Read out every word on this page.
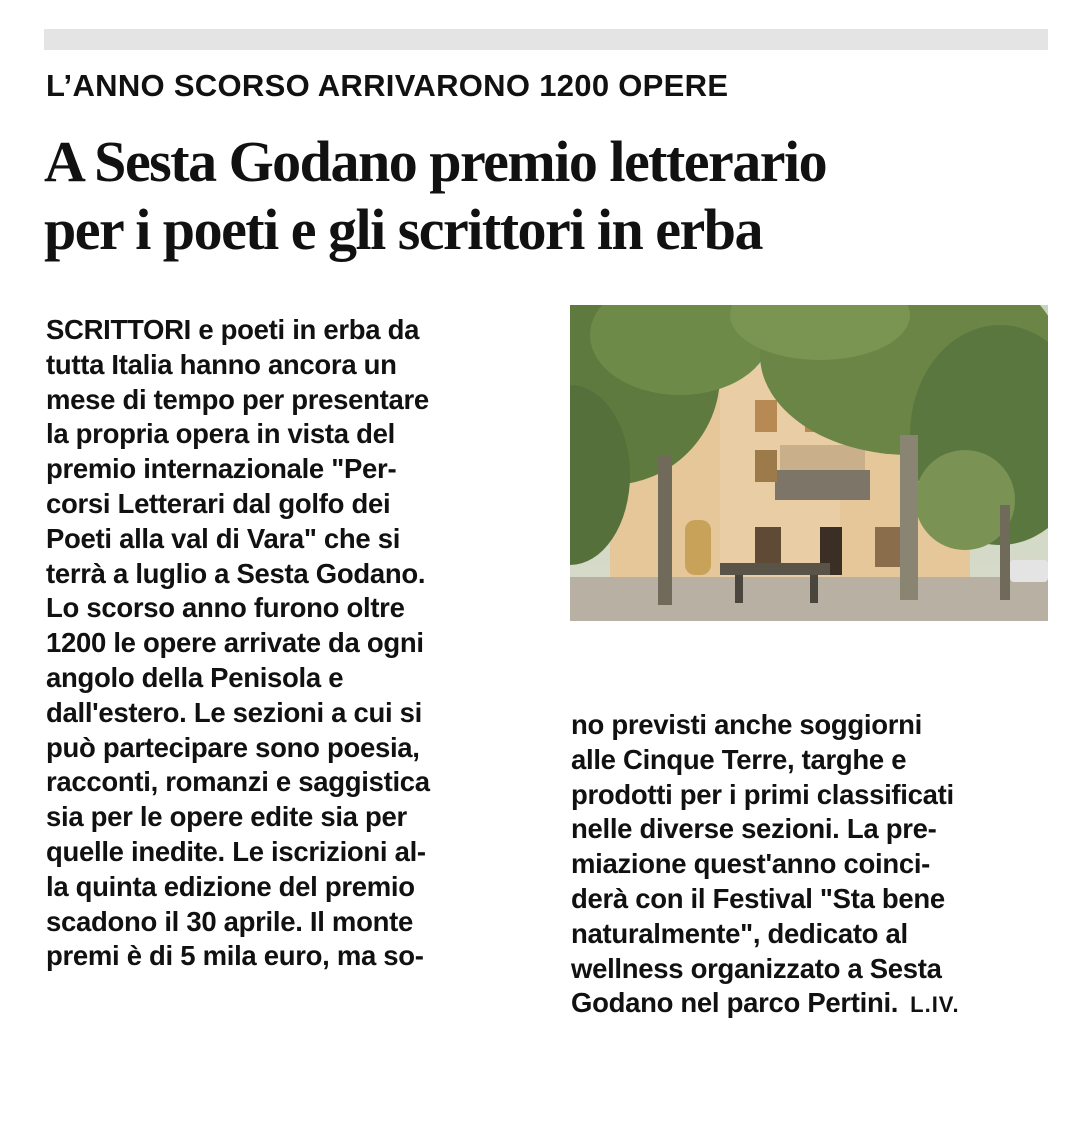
L’ANNO SCORSO ARRIVARONO 1200 OPERE
A Sesta Godano premio letterario
per i poeti e gli scrittori in erba
SCRITTORI e poeti in erba da
tutta Italia hanno ancora un
mese di tempo per presentare
la propria opera in vista del
premio internazionale "Per-
corsi Letterari dal golfo dei
Poeti alla val di Vara" che si
terrà a luglio a Sesta Godano.
Lo scorso anno furono oltre
1200 le opere arrivate da ogni
angolo della Penisola e
dall'estero. Le sezioni a cui si
può partecipare sono poesia,
racconti, romanzi e saggistica
sia per le opere edite sia per
quelle inedite. Le iscrizioni al-
la quinta edizione del premio
scadono il 30 aprile. Il monte
premi è di 5 mila euro, ma so-
no previsti anche soggiorni
alle Cinque Terre, targhe e
prodotti per i primi classificati
nelle diverse sezioni. La pre-
miazione quest'anno coinci-
derà con il Festival "Sta bene
naturalmente", dedicato al
wellness organizzato a Sesta
Godano nel parco Pertini. L.IV.
